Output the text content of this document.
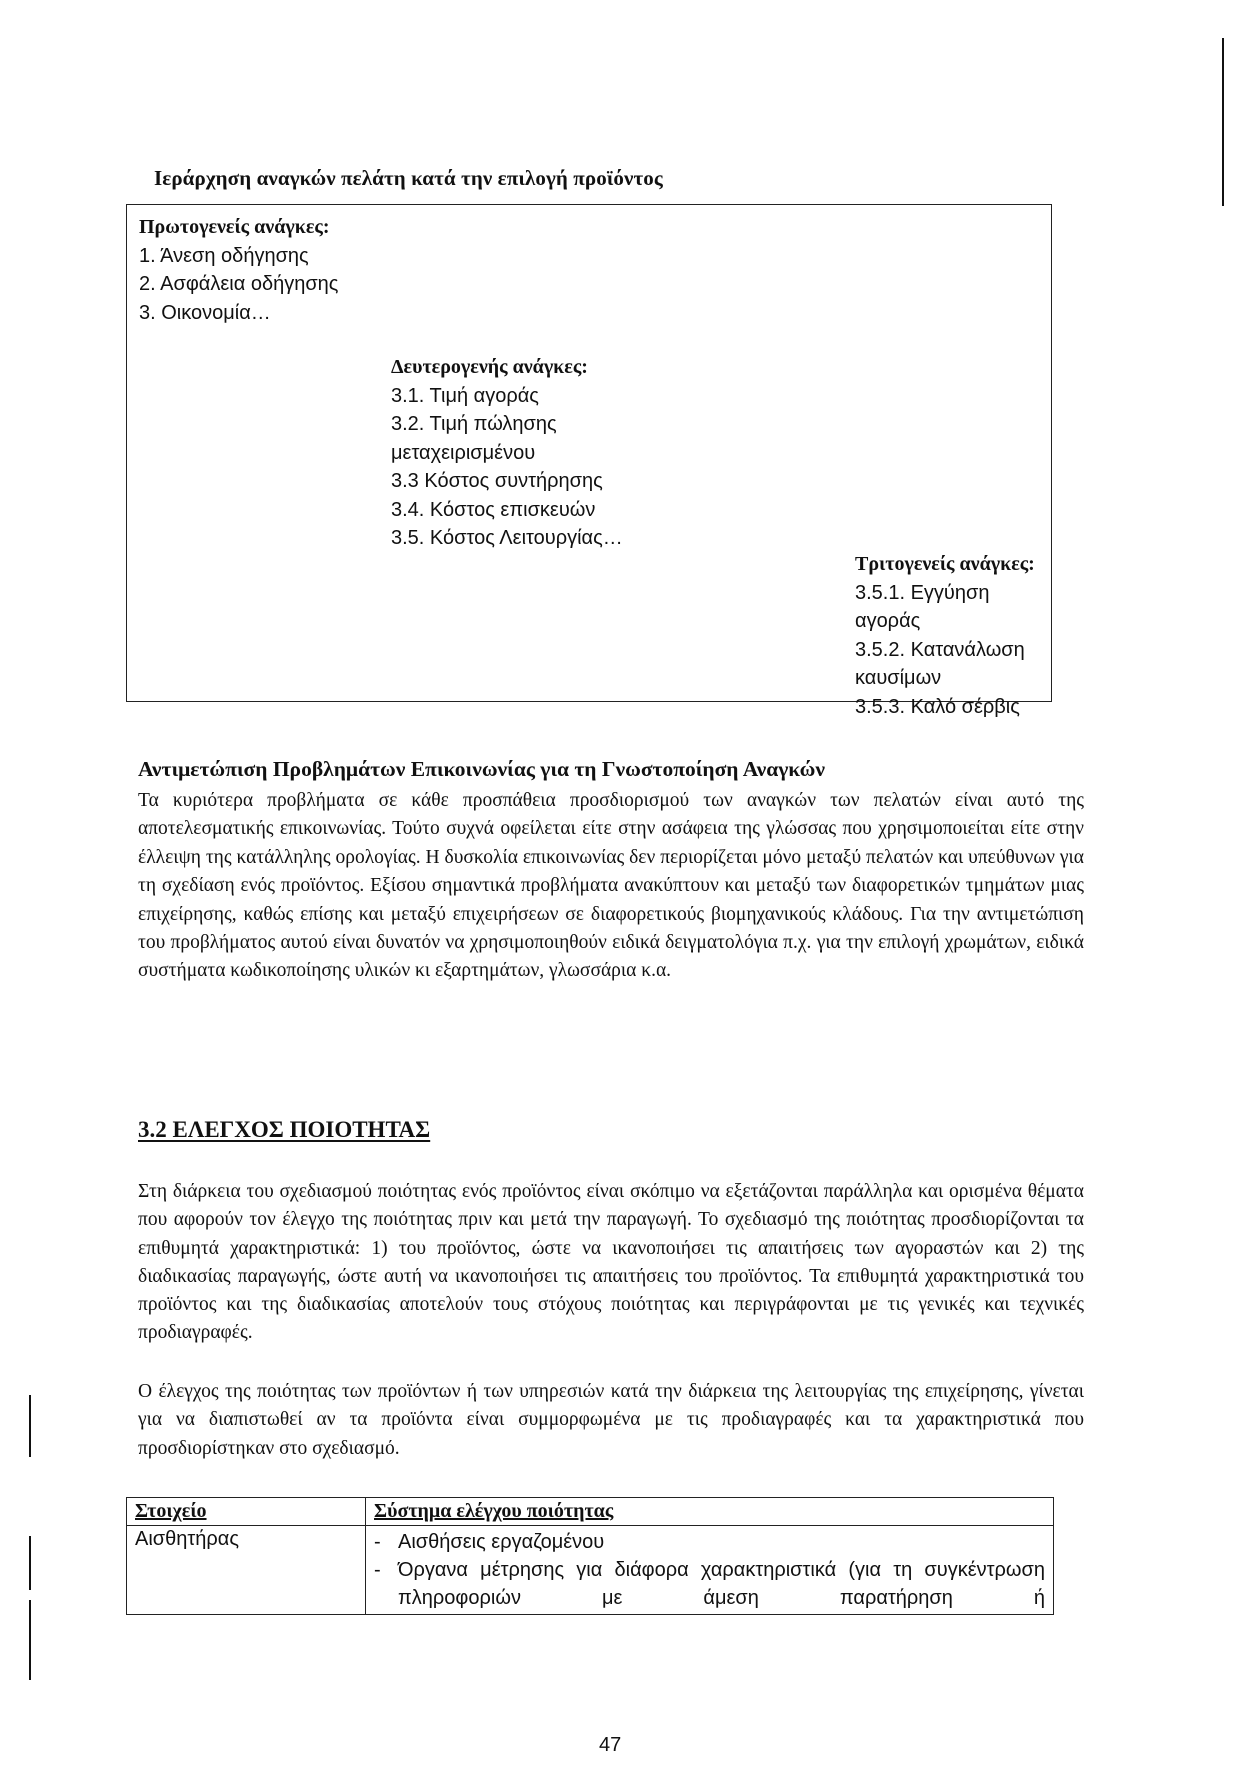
Ιεράρχηση αναγκών πελάτη κατά την επιλογή προϊόντος
Πρωτογενείς ανάγκες:
1. Άνεση οδήγησης
2. Ασφάλεια οδήγησης
3. Οικονομία…
Δευτερογενής ανάγκες:
3.1. Τιμή αγοράς
3.2. Τιμή πώλησης μεταχειρισμένου
3.3 Κόστος συντήρησης
3.4. Κόστος επισκευών
3.5. Κόστος Λειτουργίας…
Τριτογενείς ανάγκες:
3.5.1. Εγγύηση αγοράς
3.5.2. Κατανάλωση καυσίμων
3.5.3. Καλό σέρβις
Αντιμετώπιση Προβλημάτων Επικοινωνίας για τη Γνωστοποίηση Αναγκών
Τα κυριότερα προβλήματα σε κάθε προσπάθεια προσδιορισμού των αναγκών των πελατών είναι αυτό της αποτελεσματικής επικοινωνίας. Τούτο συχνά οφείλεται είτε στην ασάφεια της γλώσσας που χρησιμοποιείται είτε στην έλλειψη της κατάλληλης ορολογίας. Η δυσκολία επικοινωνίας δεν περιορίζεται μόνο μεταξύ πελατών και υπεύθυνων για τη σχεδίαση ενός προϊόντος. Εξίσου σημαντικά προβλήματα ανακύπτουν και μεταξύ των διαφορετικών τμημάτων μιας επιχείρησης, καθώς επίσης και μεταξύ επιχειρήσεων σε διαφορετικούς βιομηχανικούς κλάδους. Για την αντιμετώπιση του προβλήματος αυτού είναι δυνατόν να χρησιμοποιηθούν ειδικά δειγματολόγια π.χ. για την επιλογή χρωμάτων, ειδικά συστήματα κωδικοποίησης υλικών κι εξαρτημάτων, γλωσσάρια κ.α.
3.2 ΕΛΕΓΧΟΣ ΠΟΙΟΤΗΤΑΣ
Στη διάρκεια του σχεδιασμού ποιότητας ενός προϊόντος είναι σκόπιμο να εξετάζονται παράλληλα και ορισμένα θέματα που αφορούν τον έλεγχο της ποιότητας πριν και μετά την παραγωγή. Το σχεδιασμό της ποιότητας προσδιορίζονται τα επιθυμητά χαρακτηριστικά: 1) του προϊόντος, ώστε να ικανοποιήσει τις απαιτήσεις των αγοραστών και 2) της διαδικασίας παραγωγής, ώστε αυτή να ικανοποιήσει τις απαιτήσεις του προϊόντος. Τα επιθυμητά χαρακτηριστικά του προϊόντος και της διαδικασίας αποτελούν τους στόχους ποιότητας και περιγράφονται με τις γενικές και τεχνικές προδιαγραφές.
Ο έλεγχος της ποιότητας των προϊόντων ή των υπηρεσιών κατά την διάρκεια της λειτουργίας της επιχείρησης, γίνεται για να διαπιστωθεί αν τα προϊόντα είναι συμμορφωμένα με τις προδιαγραφές και τα χαρακτηριστικά που προσδιορίστηκαν στο σχεδιασμό.
Στοιχείο	Σύστημα ελέγχου ποιότητας
Αισθητήρας	- Αισθήσεις εργαζομένου
- Όργανα μέτρησης για διάφορα χαρακτηριστικά (για τη συγκέντρωση πληροφοριών με άμεση παρατήρηση ή
47
